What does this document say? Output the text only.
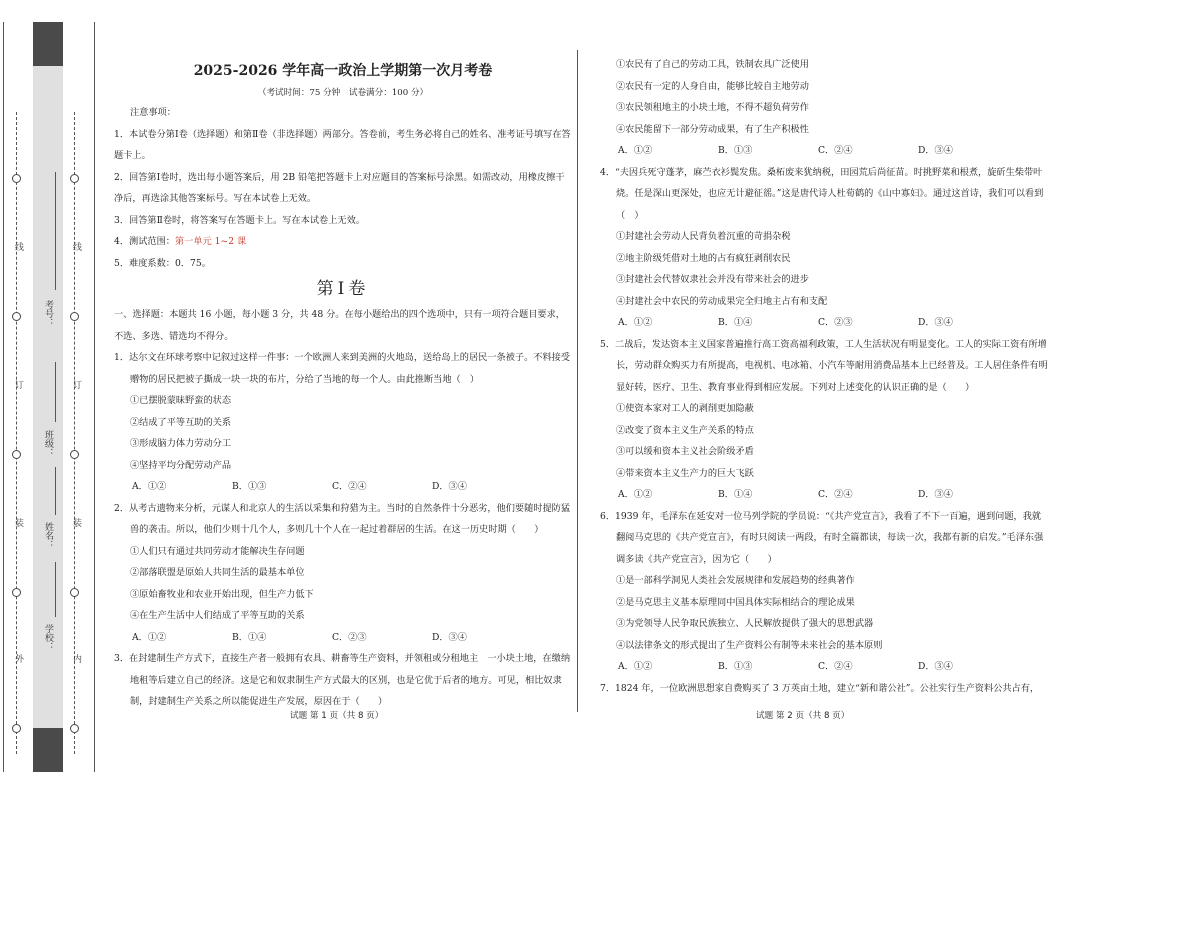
线
订
装
外
线
订
装
内
考号：
班级：
姓名：
学校：

2025-2026 学年高一政治上学期第一次月考卷

（考试时间：75 分钟　试卷满分：100 分）

注意事项：

1．本试卷分第Ⅰ卷（选择题）和第Ⅱ卷（非选择题）两部分。答卷前，考生务必将自己的姓名、准考证号填写在答题卡上。

2．回答第Ⅰ卷时，选出每小题答案后，用 2B 铅笔把答题卡上对应题目的答案标号涂黑。如需改动，用橡皮擦干净后，再选涂其他答案标号。写在本试卷上无效。

3．回答第Ⅱ卷时，将答案写在答题卡上。写在本试卷上无效。

4．测试范围：第一单元 1~2 课

5．难度系数：0．75。

第Ⅰ卷

一、选择题：本题共 16 小题，每小题 3 分，共 48 分。在每小题给出的四个选项中，只有一项符合题目要求，不选、多选、错选均不得分。

1．达尔文在环球考察中记叙过这样一件事：一个欧洲人来到美洲的火地岛，送给岛上的居民一条被子。不料接受赠物的居民把被子撕成一块一块的布片，分给了当地的每一个人。由此推断当地（　）

①已摆脱蒙昧野蛮的状态

②结成了平等互助的关系

③形成脑力体力劳动分工

④坚持平均分配劳动产品

A．①②	B．①③	C．②④	D．③④

2．从考古遗物来分析，元谋人和北京人的生活以采集和狩猎为主。当时的自然条件十分恶劣，他们要随时提防猛兽的袭击。所以，他们少则十几个人，多则几十个人在一起过着群居的生活。在这一历史时期（　　）

①人们只有通过共同劳动才能解决生存问题

②部落联盟是原始人共同生活的最基本单位

③原始畜牧业和农业开始出现，但生产力低下

④在生产生活中人们结成了平等互助的关系

A．①②	B．①④	C．②③	D．③④

3．在封建制生产方式下，直接生产者一般拥有农具、耕畜等生产资料，并领租或分租地主　一小块土地，在缴纳地租等后建立自己的经济。这是它和奴隶制生产方式最大的区别，也是它优于后者的地方。可见，相比奴隶制，封建制生产关系之所以能促进生产发展，原因在于（　　）

试题 第 1 页（共 8 页）

①农民有了自己的劳动工具，铁制农具广泛使用

②农民有一定的人身自由，能够比较自主地劳动

③农民领租地主的小块土地，不得不超负荷劳作

④农民能留下一部分劳动成果，有了生产积极性

A．①②	B．①③	C．②④	D．③④

4．“夫因兵死守蓬茅，麻苎衣衫鬓发焦。桑柘废来犹纳税，田园荒后尚征苗。时挑野菜和根煮，旋斫生柴带叶烧。任是深山更深处，也应无计避征徭。”这是唐代诗人杜荀鹤的《山中寡妇》。通过这首诗，我们可以看到（　）

①封建社会劳动人民背负着沉重的苛捐杂税

②地主阶级凭借对土地的占有疯狂剥削农民

③封建社会代替奴隶社会并没有带来社会的进步

④封建社会中农民的劳动成果完全归地主占有和支配

A．①②	B．①④	C．②③	D．③④

5．二战后，发达资本主义国家普遍推行高工资高福利政策，工人生活状况有明显变化。工人的实际工资有所增长，劳动群众购买力有所提高，电视机、电冰箱、小汽车等耐用消费品基本上已经普及。工人居住条件有明显好转，医疗、卫生、教育事业得到相应发展。下列对上述变化的认识正确的是（　　）

①使资本家对工人的剥削更加隐蔽

②改变了资本主义生产关系的特点

③可以缓和资本主义社会阶级矛盾

④带来资本主义生产力的巨大飞跃

A．①②	B．①④	C．②④	D．③④

6．1939 年，毛泽东在延安对一位马列学院的学员说：“《共产党宣言》，我看了不下一百遍，遇到问题，我就翻阅马克思的《共产党宣言》，有时只阅读一两段，有时全篇都读，每读一次，我都有新的启发。”毛泽东强调多读《共产党宣言》，因为它（　　）

①是一部科学洞见人类社会发展规律和发展趋势的经典著作

②是马克思主义基本原理同中国具体实际相结合的理论成果

③为党领导人民争取民族独立、人民解放提供了强大的思想武器

④以法律条文的形式提出了生产资料公有制等未来社会的基本原则

A．①②	B．①③	C．②④	D．③④

7．1824 年，一位欧洲思想家自费购买了 3 万英亩土地，建立“新和谐公社”。公社实行生产资料公共占有，

试题 第 2 页（共 8 页）
